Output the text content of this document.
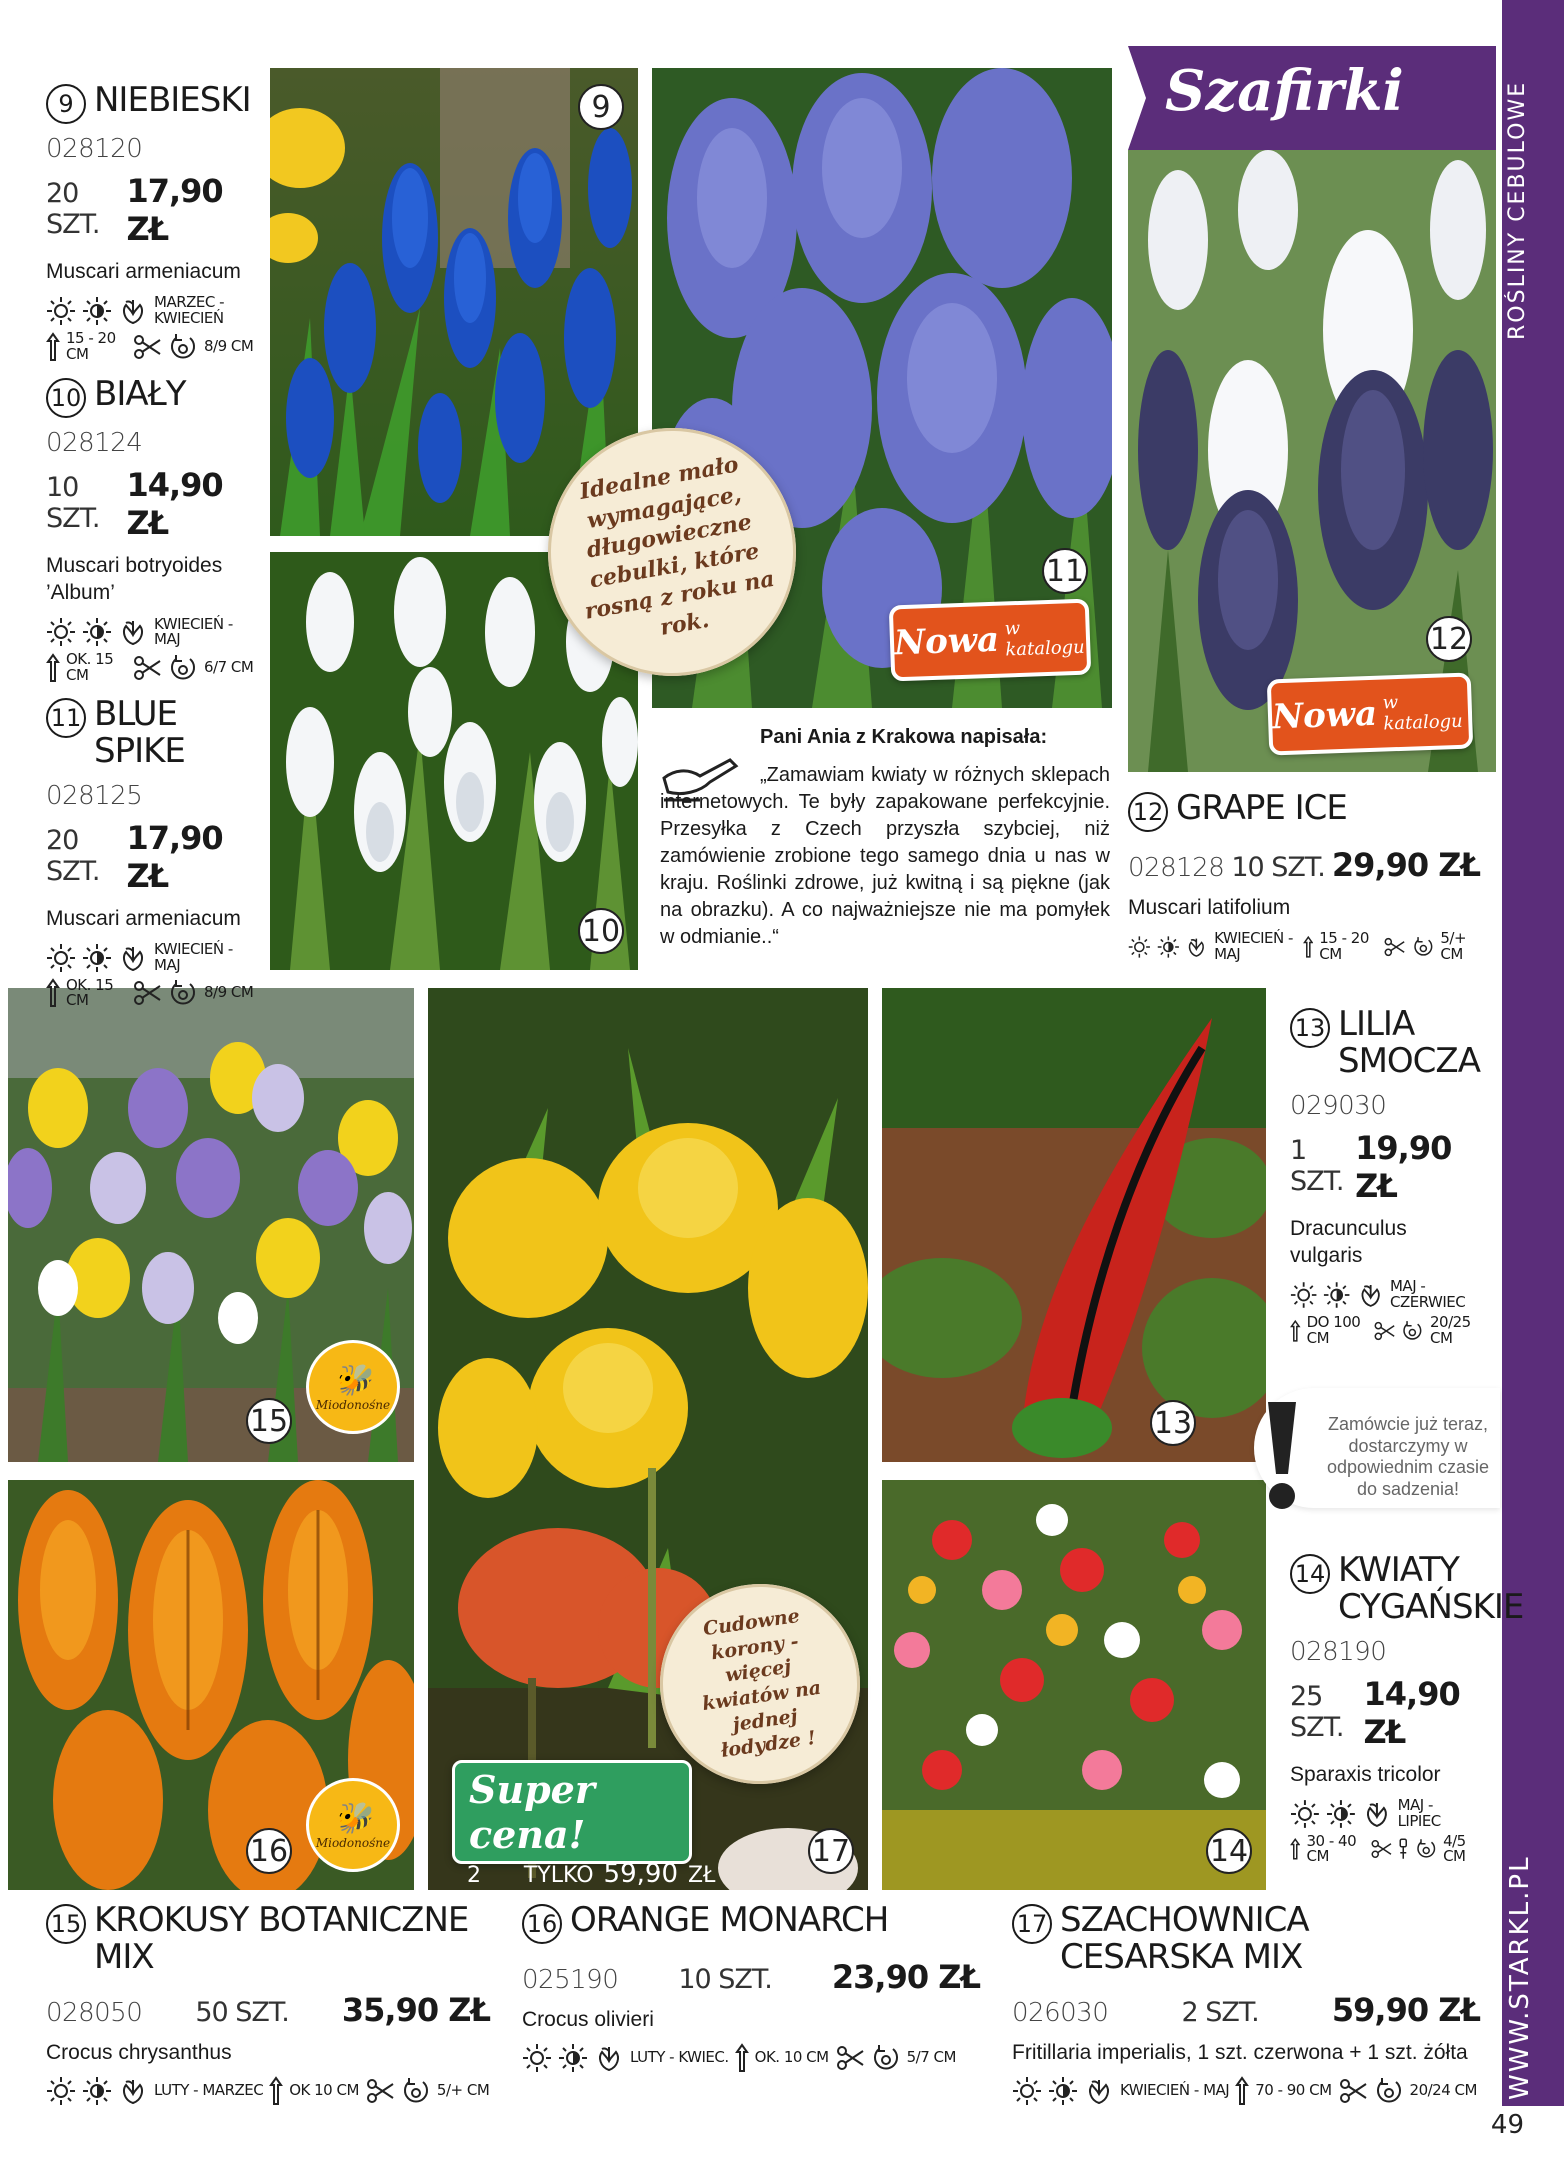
9
10
11
12
🐝
Miodonośne
15
🐝
Miodonośne
16	17
13
14
Szafirki	ROŚLINY CEBULOWE
WWW.STARKL.PL
Idealne mało wymagające, długowieczne cebulki, które rosną z roku na rok.
Cudowne korony - więcej kwiatów na jednej łodydze !
Nowa w katalogu
Nowa w katalogu
Pani Ania z Krakowa napisała:
„Zamawiam kwiaty w różnych sklepach internetowych. Te były zapakowane perfekcyjnie. Przesyłka z Czech przyszła szybciej, niż zamówienie zrobione tego samego dnia u nas w kraju. Roślinki zdrowe, już kwitną i są piękne (jak na obrazku). A co najważniejsze nie ma pomyłek w odmianie..“
Zamówcie już teraz, dostarczymy w odpowiednim czasie do sadzenia!
Super cena!
2 SZT.
TYLKO 59,90 ZŁ
9 NIEBIESKI
028120
20 SZT.
17,90 ZŁ
Muscari armeniacum
MARZEC - KWIECIEŃ
15 - 20 CM	8/9 CM
10 BIAŁY
028124
10 SZT.
14,90 ZŁ
Muscari botryoides ’Album’
KWIECIEŃ - MAJ
OK. 15 CM	6/7 CM
11 BLUE SPIKE
028125
20 SZT.
17,90 ZŁ
Muscari armeniacum
KWIECIEŃ - MAJ
OK. 15 CM	8/9 CM
12 GRAPE ICE
028128 10 SZT. 29,90 ZŁ
Muscari latifolium
KWIECIEŃ - MAJ
15 - 20 CM
5/+ CM
13 LILIA SMOCZA
029030
1 SZT.
19,90 ZŁ
Dracunculus vulgaris
MAJ - CZERWIEC
DO 100 CM
20/25 CM
14 KWIATY CYGAŃSKIE
028190
25 SZT.
14,90 ZŁ
Sparaxis tricolor
MAJ - LIPIEC
30 - 40 CM
4/5 CM
15 KROKUSY BOTANICZNE MIX
028050 50 SZT. 35,90 ZŁ
Crocus chrysanthus
LUTY - MARZEC OK 10 CM	5/+ CM
16 ORANGE MONARCH
025190 10 SZT. 23,90 ZŁ
Crocus olivieri
LUTY - KWIEC. OK. 10 CM	5/7 CM
17 SZACHOWNICA CESARSKA MIX
026030	2 SZT. 59,90 ZŁ
Fritillaria imperialis, 1 szt. czerwona + 1 szt. żółta
KWIECIEŃ - MAJ 70 - 90 CM	20/24 CM
49
